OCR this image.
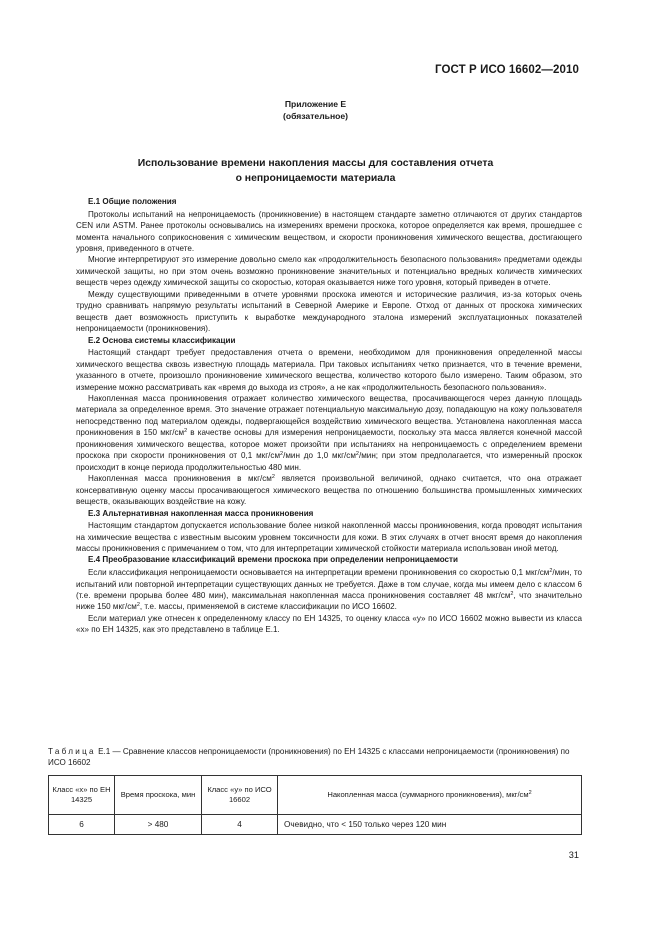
ГОСТ Р ИСО 16602—2010
Приложение Е
(обязательное)
Использование времени накопления массы для составления отчета
о непроницаемости материала
Е.1 Общие положения

Протоколы испытаний на непроницаемость (проникновение) в настоящем стандарте заметно отличаются от других стандартов CEN или ASTM. Ранее протоколы основывались на измерениях времени проскока, которое определяется как время, прошедшее с момента начального соприкосновения с химическим веществом, и скорости проникновения химического вещества, достигающего уровня, приведенного в отчете.

Многие интерпретируют это измерение довольно смело как «продолжительность безопасного пользования» предметами одежды химической защиты, но при этом очень возможно проникновение значительных и потенциально вредных количеств химических веществ через одежду химической защиты со скоростью, которая оказывается ниже того уровня, который приведен в отчете.

Между существующими приведенными в отчете уровнями проскока имеются и исторические различия, из-за которых очень трудно сравнивать напрямую результаты испытаний в Северной Америке и Европе. Отход от данных от проскока химических веществ дает возможность приступить к выработке международного эталона измерений эксплуатационных показателей непроницаемости (проникновения).

Е.2 Основа системы классификации

Настоящий стандарт требует предоставления отчета о времени, необходимом для проникновения определенной массы химического вещества сквозь известную площадь материала. При таковых испытаниях четко признается, что в течение времени, указанного в отчете, произошло проникновение химического вещества, количество которого было измерено. Таким образом, это измерение можно рассматривать как «время до выхода из строя», а не как «продолжительность безопасного пользования».

Накопленная масса проникновения отражает количество химического вещества, просачивающегося через данную площадь материала за определенное время. Это значение отражает потенциальную максимальную дозу, попадающую на кожу пользователя непосредственно под материалом одежды, подвергающейся воздействию химического вещества. Установлена накопленная масса проникновения в 150 мкг/$см^2$ в качестве основы для измерения непроницаемости, поскольку эта масса является конечной массой проникновения химического вещества, которое может произойти при испытаниях на непроницаемость с определением времени проскока при скорости проникновения от 0,1 мкг/$см^2$/мин до 1,0 мкг/$см^2$/мин; при этом предполагается, что измеренный проскок происходит в конце периода продолжительностью 480 мин.

Накопленная масса проникновения в мкг/$см^2$ является произвольной величиной, однако считается, что она отражает консервативную оценку массы просачивающегося химического вещества по отношению большинства промышленных химических веществ, оказывающих воздействие на кожу.

Е.3 Альтернативная накопленная масса проникновения

Настоящим стандартом допускается использование более низкой накопленной массы проникновения, когда проводят испытания на химические вещества с известным высоким уровнем токсичности для кожи. В этих случаях в отчет вносят время до накопления массы проникновения с примечанием о том, что для интерпретации химической стойкости материала использован иной метод.

Е.4 Преобразование классификаций времени проскока при определении непроницаемости

Если классификация непроницаемости основывается на интерпретации времени проникновения со скоростью 0,1 мкг/$см^2$/мин, то испытаний или повторной интерпретации существующих данных не требуется. Даже в том случае, когда мы имеем дело с классом 6 (т.е. времени прорыва более 480 мин), максимальная накопленная масса проникновения составляет 48 мкг/$см^2$, что значительно ниже 150 мкг/$см^2$, т.е. массы, применяемой в системе классификации по ИСО 16602.

Если материал уже отнесен к определенному классу по ЕН 14325, то оценку класса «у» по ИСО 16602 можно вывести из класса «х» по ЕН 14325, как это представлено в таблице Е.1.

Таблица Е.1 — Сравнение классов непроницаемости (проникновения) по ЕН 14325 с классами непроницаемости (проникновения) по ИСО 16602
Класс «х» по ЕН 14325	Время проскока, мин	Класс «у» по ИСО 16602	Накопленная масса (суммарного проникновения), мкг/$см^2$
6	> 480	4	Очевидно, что < 150 только через 120 мин
31
